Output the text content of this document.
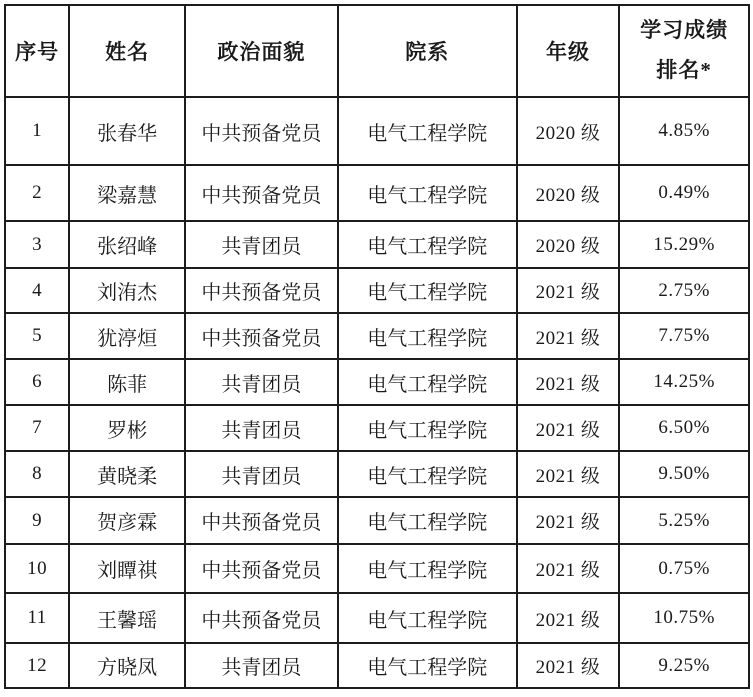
序号	姓名	政治面貌	院系	年级	学习成绩
排名*

1	张春华	中共预备党员	电气工程学院	2020 级	4.85%
2	梁嘉慧	中共预备党员	电气工程学院	2020 级	0.49%
3	张绍峰	共青团员	电气工程学院	2020 级	15.29%
4	刘洧杰	中共预备党员	电气工程学院	2021 级	2.75%
5	犹渟烜	中共预备党员	电气工程学院	2021 级	7.75%
6	陈菲	共青团员	电气工程学院	2021 级	14.25%
7	罗彬	共青团员	电气工程学院	2021 级	6.50%
8	黄晓柔	共青团员	电气工程学院	2021 级	9.50%
9	贺彦霖	中共预备党员	电气工程学院	2021 级	5.25%
10	刘瞫祺	中共预备党员	电气工程学院	2021 级	0.75%
11	王馨瑶	中共预备党员	电气工程学院	2021 级	10.75%
12	方晓凤	共青团员	电气工程学院	2021 级	9.25%
